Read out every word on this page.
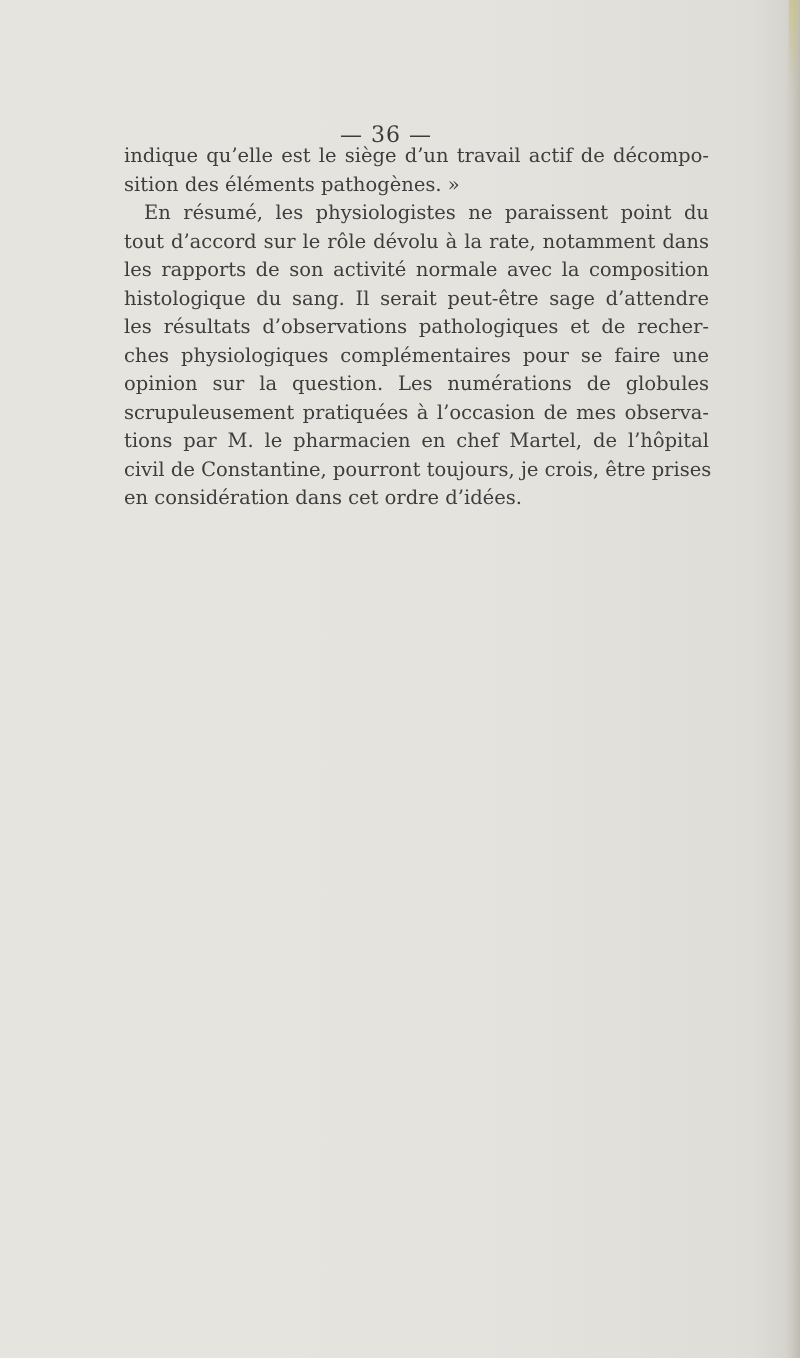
— 36 —
indique qu’elle est le siège d’un travail actif de décompo-
sition des éléments pathogènes. »
En résumé, les physiologistes ne paraissent point du
tout d’accord sur le rôle dévolu à la rate, notamment dans
les rapports de son activité normale avec la composition
histologique du sang. Il serait peut-être sage d’attendre
les résultats d’observations pathologiques et de recher-
ches physiologiques complémentaires pour se faire une
opinion sur la question. Les numérations de globules
scrupuleusement pratiquées à l’occasion de mes observa-
tions par M. le pharmacien en chef Martel, de l’hôpital
civil de Constantine, pourront toujours, je crois, être prises
en considération dans cet ordre d’idées.
